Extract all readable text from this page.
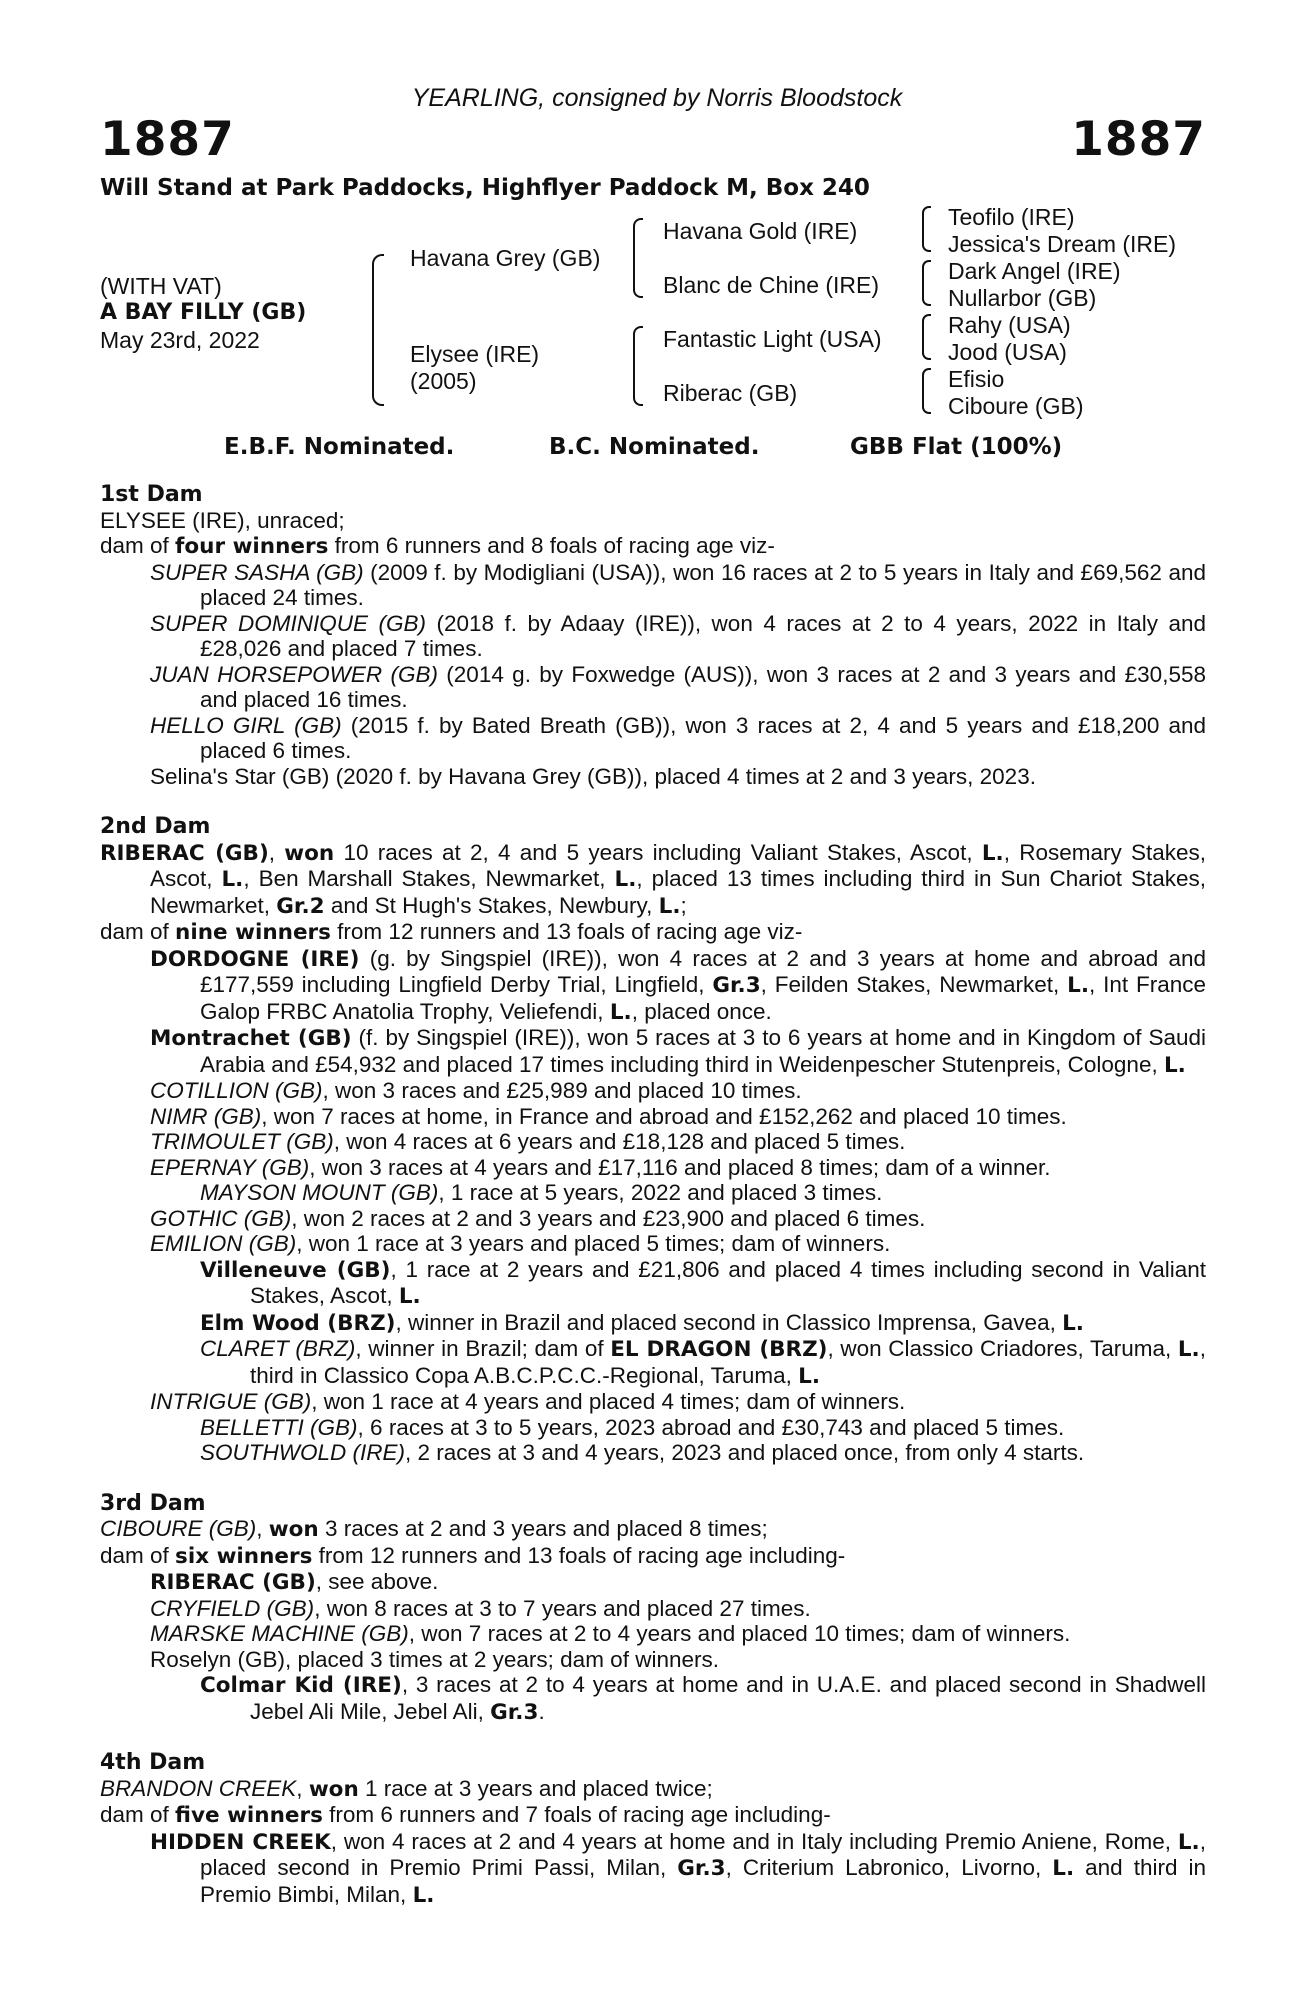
YEARLING, consigned by Norris Bloodstock
1887	1887
Will Stand at Park Paddocks, Highflyer Paddock M, Box 240
(WITH VAT)
A BAY FILLY (GB)
May 23rd, 2022
Havana Grey (GB)
Elysee (IRE)
(2005)
Havana Gold (IRE)
Blanc de Chine (IRE)
Fantastic Light (USA)
Riberac (GB)
Teofilo (IRE)
Jessica's Dream (IRE)
Dark Angel (IRE)
Nullarbor (GB)
Rahy (USA)
Jood (USA)
Efisio
Ciboure (GB)
E.B.F. Nominated.	B.C. Nominated.	GBB Flat (100%)

1st Dam

ELYSEE (IRE), unraced;

dam of four winners from 6 runners and 8 foals of racing age viz-

SUPER SASHA (GB) (2009 f. by Modigliani (USA)), won 16 races at 2 to 5 years in Italy and £69,562 and placed 24 times.

SUPER DOMINIQUE (GB) (2018 f. by Adaay (IRE)), won 4 races at 2 to 4 years, 2022 in Italy and £28,026 and placed 7 times.

JUAN HORSEPOWER (GB) (2014 g. by Foxwedge (AUS)), won 3 races at 2 and 3 years and £30,558 and placed 16 times.

HELLO GIRL (GB) (2015 f. by Bated Breath (GB)), won 3 races at 2, 4 and 5 years and £18,200 and placed 6 times.

Selina's Star (GB) (2020 f. by Havana Grey (GB)), placed 4 times at 2 and 3 years, 2023.

2nd Dam

RIBERAC (GB), won 10 races at 2, 4 and 5 years including Valiant Stakes, Ascot, L., Rosemary Stakes, Ascot, L., Ben Marshall Stakes, Newmarket, L., placed 13 times including third in Sun Chariot Stakes, Newmarket, Gr.2 and St Hugh's Stakes, Newbury, L.;

dam of nine winners from 12 runners and 13 foals of racing age viz-

DORDOGNE (IRE) (g. by Singspiel (IRE)), won 4 races at 2 and 3 years at home and abroad and £177,559 including Lingfield Derby Trial, Lingfield, Gr.3, Feilden Stakes, Newmarket, L., Int France Galop FRBC Anatolia Trophy, Veliefendi, L., placed once.

Montrachet (GB) (f. by Singspiel (IRE)), won 5 races at 3 to 6 years at home and in Kingdom of Saudi Arabia and £54,932 and placed 17 times including third in Weidenpescher Stutenpreis, Cologne, L.

COTILLION (GB), won 3 races and £25,989 and placed 10 times.

NIMR (GB), won 7 races at home, in France and abroad and £152,262 and placed 10 times.

TRIMOULET (GB), won 4 races at 6 years and £18,128 and placed 5 times.

EPERNAY (GB), won 3 races at 4 years and £17,116 and placed 8 times; dam of a winner.

MAYSON MOUNT (GB), 1 race at 5 years, 2022 and placed 3 times.

GOTHIC (GB), won 2 races at 2 and 3 years and £23,900 and placed 6 times.

EMILION (GB), won 1 race at 3 years and placed 5 times; dam of winners.

Villeneuve (GB), 1 race at 2 years and £21,806 and placed 4 times including second in Valiant Stakes, Ascot, L.

Elm Wood (BRZ), winner in Brazil and placed second in Classico Imprensa, Gavea, L.

CLARET (BRZ), winner in Brazil; dam of EL DRAGON (BRZ), won Classico Criadores, Taruma, L., third in Classico Copa A.B.C.P.C.C.-Regional, Taruma, L.

INTRIGUE (GB), won 1 race at 4 years and placed 4 times; dam of winners.

BELLETTI (GB), 6 races at 3 to 5 years, 2023 abroad and £30,743 and placed 5 times.

SOUTHWOLD (IRE), 2 races at 3 and 4 years, 2023 and placed once, from only 4 starts.

3rd Dam

CIBOURE (GB), won 3 races at 2 and 3 years and placed 8 times;

dam of six winners from 12 runners and 13 foals of racing age including-

RIBERAC (GB), see above.

CRYFIELD (GB), won 8 races at 3 to 7 years and placed 27 times.

MARSKE MACHINE (GB), won 7 races at 2 to 4 years and placed 10 times; dam of winners.

Roselyn (GB), placed 3 times at 2 years; dam of winners.

Colmar Kid (IRE), 3 races at 2 to 4 years at home and in U.A.E. and placed second in Shadwell Jebel Ali Mile, Jebel Ali, Gr.3.

4th Dam

BRANDON CREEK, won 1 race at 3 years and placed twice;

dam of five winners from 6 runners and 7 foals of racing age including-

HIDDEN CREEK, won 4 races at 2 and 4 years at home and in Italy including Premio Aniene, Rome, L., placed second in Premio Primi Passi, Milan, Gr.3, Criterium Labronico, Livorno, L. and third in Premio Bimbi, Milan, L.
